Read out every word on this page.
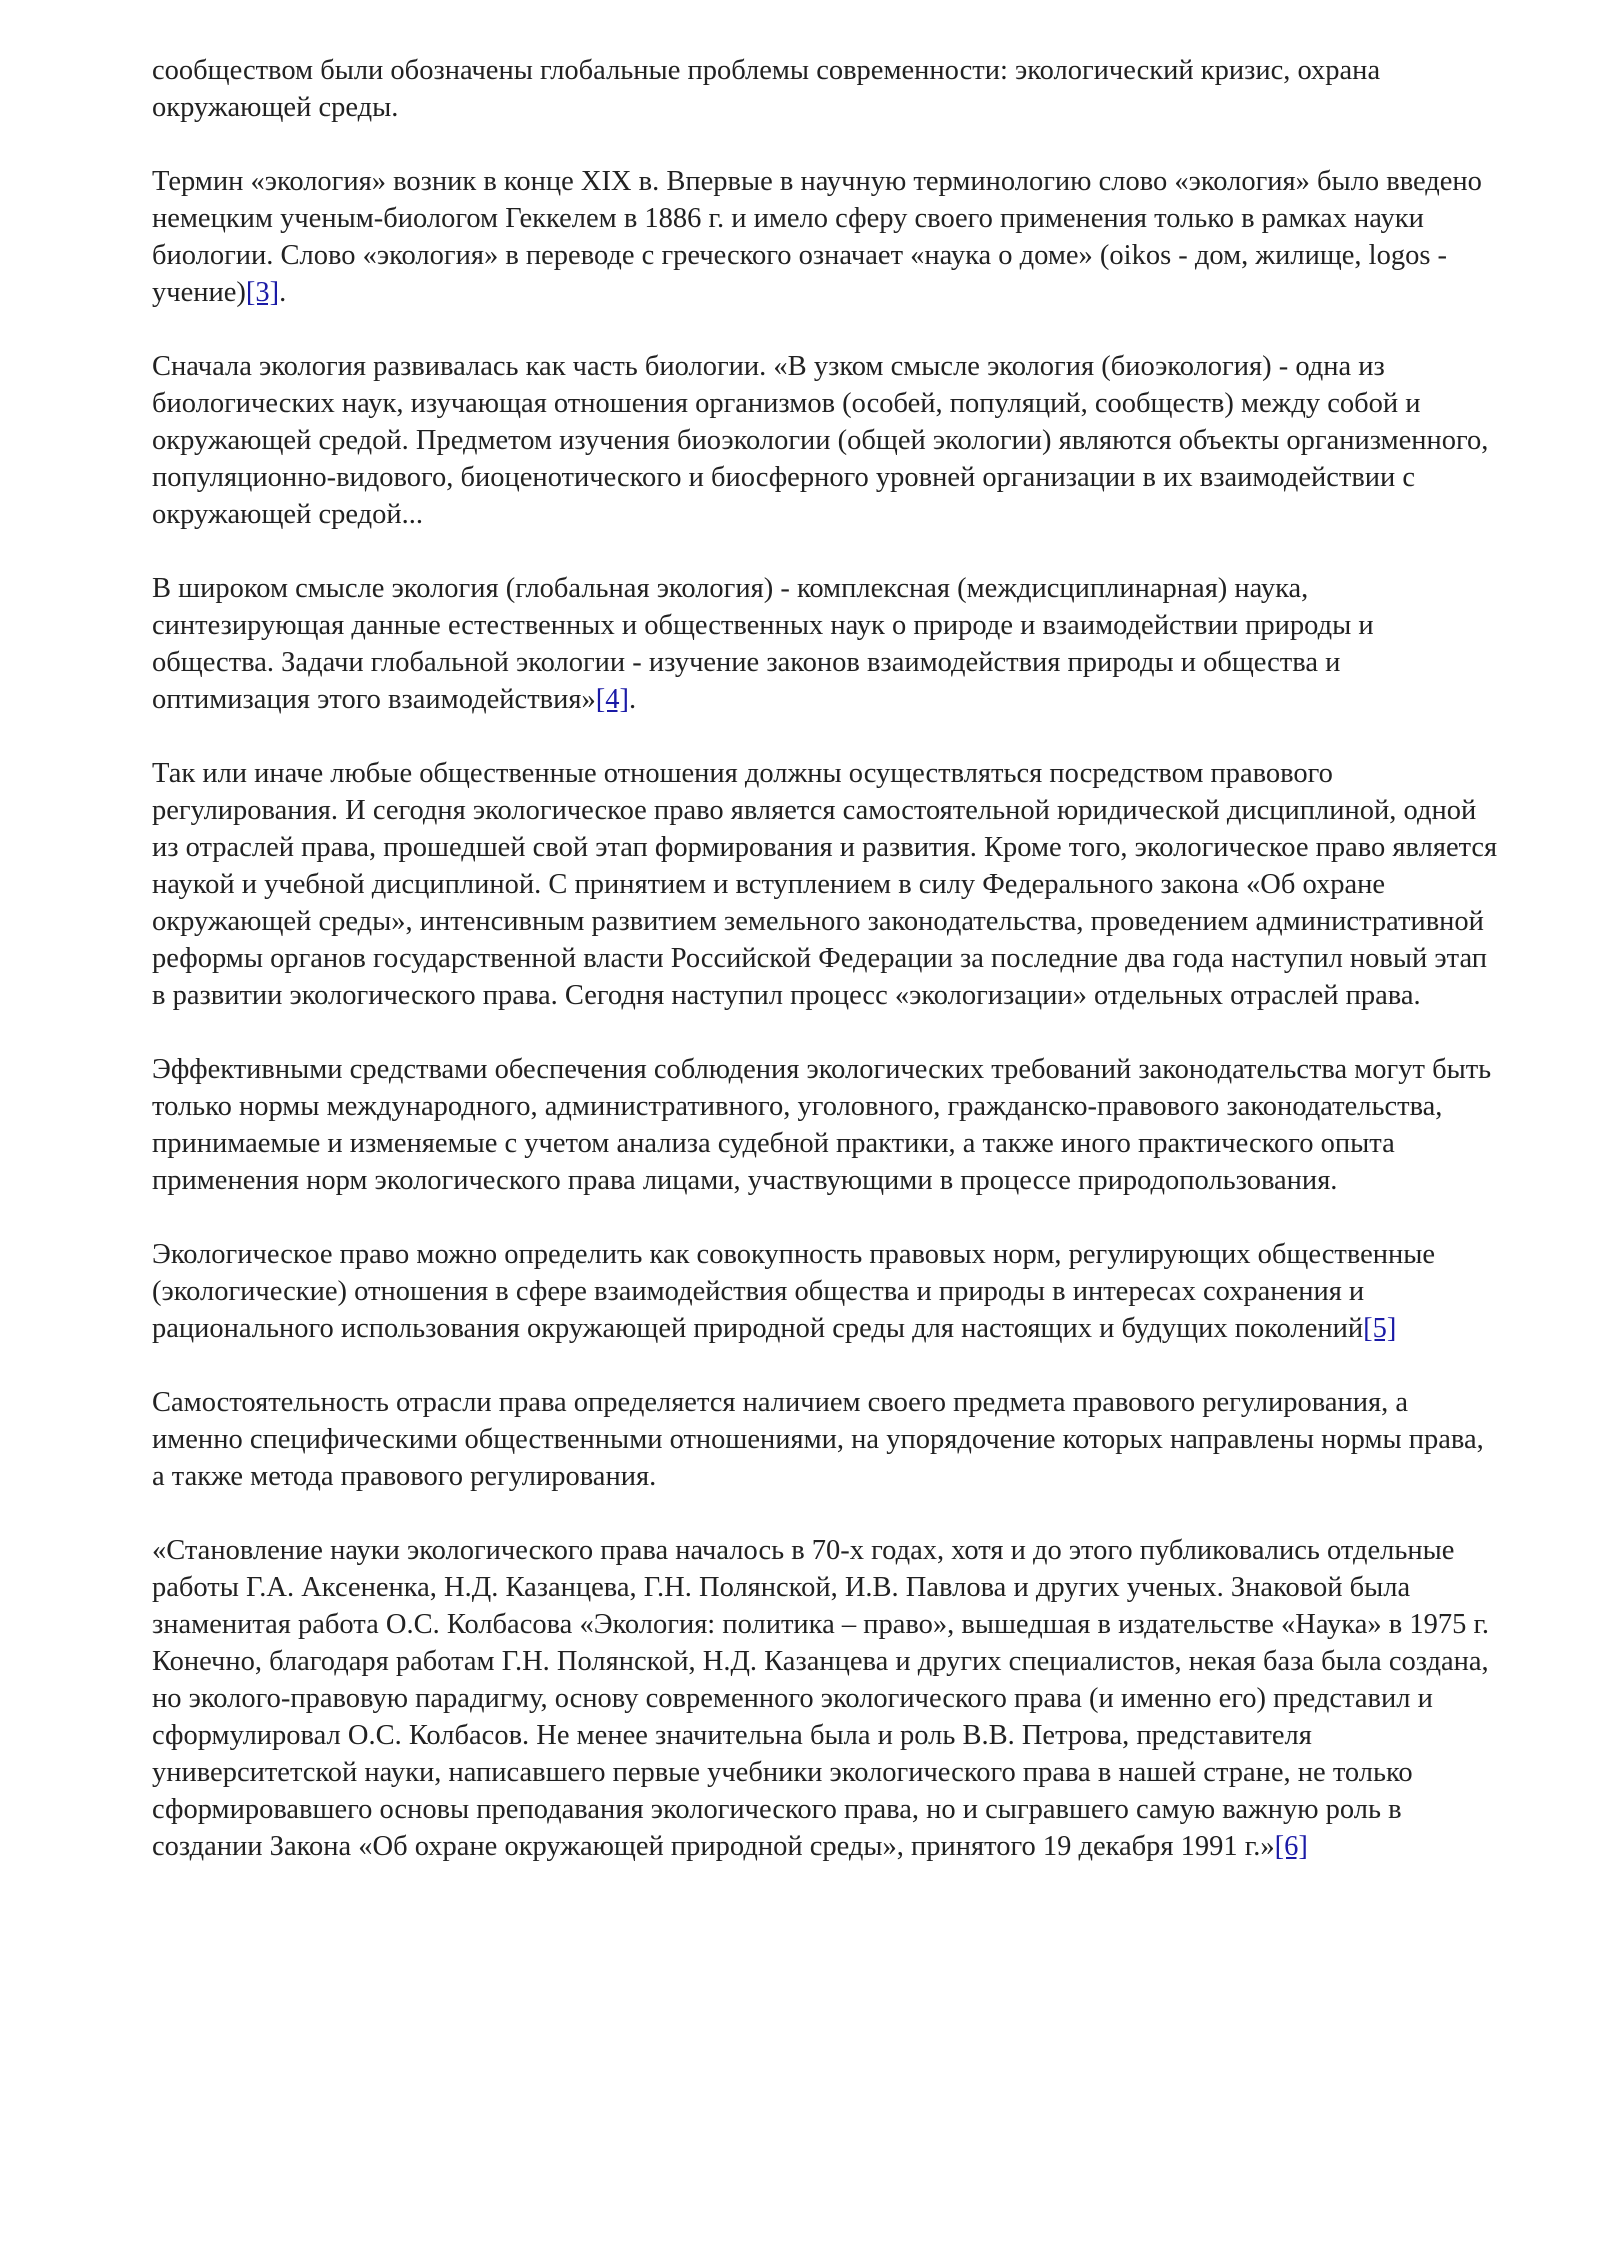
сообществом были обозначены глобальные проблемы современности: экологический кризис, охрана окружающей среды.

Термин «экология» возник в конце XIX в. Впервые в научную терминологию слово «экология» было введено немецким ученым-биологом Геккелем в 1886 г. и имело сферу своего применения только в рамках науки биологии. Слово «экология» в переводе с греческого означает «наука о доме» (oikos - дом, жилище, logos - учение)[3].

Сначала экология развивалась как часть биологии. «В узком смысле экология (биоэкология) - одна из биологических наук, изучающая отношения организмов (особей, популяций, сообществ) между собой и окружающей средой. Предметом изучения биоэкологии (общей экологии) являются объекты организменного, популяционно-видового, биоценотического и биосферного уровней организации в их взаимодействии с окружающей средой...

В широком смысле экология (глобальная экология) - комплексная (междисциплинарная) наука, синтезирующая данные естественных и общественных наук о природе и взаимодействии природы и общества. Задачи глобальной экологии - изучение законов взаимодействия природы и общества и оптимизация этого взаимодействия»[4].

Так или иначе любые общественные отношения должны осуществляться посредством правового регулирования. И сегодня экологическое право является самостоятельной юридической дисциплиной, одной из отраслей права, прошедшей свой этап формирования и развития. Кроме того, экологическое право является наукой и учебной дисциплиной. С принятием и вступлением в силу Федерального закона «Об охране окружающей среды», интенсивным развитием земельного законодательства, проведением административной реформы органов государственной власти Российской Федерации за последние два года наступил новый этап в развитии экологического права. Сегодня наступил процесс «экологизации» отдельных отраслей права.

Эффективными средствами обеспечения соблюдения экологических требований законодательства могут быть только нормы международного, административного, уголовного, гражданско-правового законодательства, принимаемые и изменяемые с учетом анализа судебной практики, а также иного практического опыта применения норм экологического права лицами, участвующими в процессе природопользования.

Экологическое право можно определить как совокупность правовых норм, регулирующих общественные (экологические) отношения в сфере взаимодействия общества и природы в интересах сохранения и рационального использования окружающей природной среды для настоящих и будущих поколений[5]

Самостоятельность отрасли права определяется наличием своего предмета правового регулирования, а именно специфическими общественными отношениями, на упорядочение которых направлены нормы права, а также метода правового регулирования.

«Становление науки экологического права началось в 70-х годах, хотя и до этого публиковались отдельные работы Г.А. Аксененка, Н.Д. Казанцева, Г.Н. Полянской, И.В. Павлова и других ученых. Знаковой была знаменитая работа О.С. Колбасова «Экология: политика – право», вышедшая в издательстве «Наука» в 1975 г. Конечно, благодаря работам Г.Н. Полянской, Н.Д. Казанцева и других специалистов, некая база была создана, но эколого-правовую парадигму, основу современного экологического права (и именно его) представил и сформулировал О.С. Колбасов. Не менее значительна была и роль В.В. Петрова, представителя университетской науки, написавшего первые учебники экологического права в нашей стране, не только сформировавшего основы преподавания экологического права, но и сыгравшего самую важную роль в создании Закона «Об охране окружающей природной среды», принятого 19 декабря 1991 г.»[6]
